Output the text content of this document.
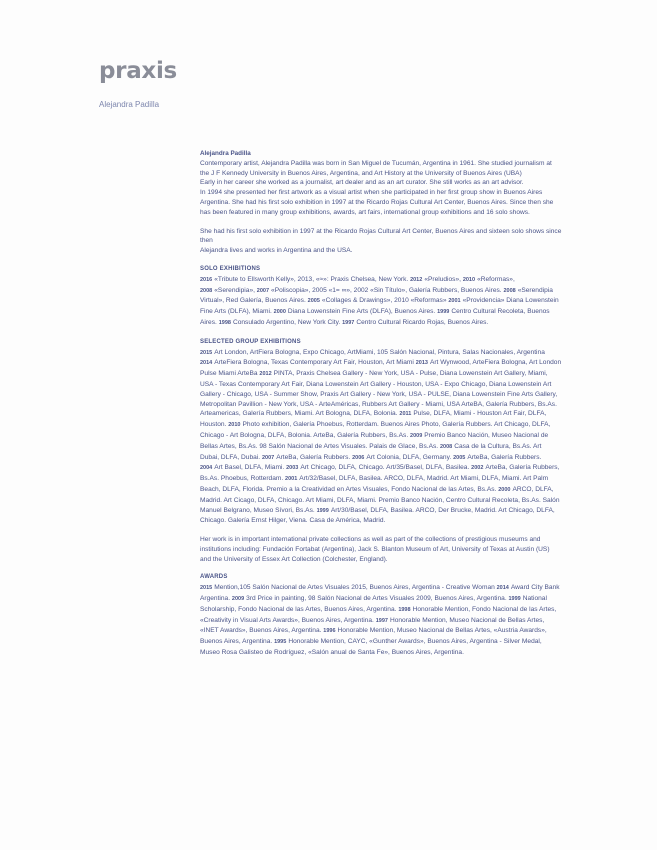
praxis
Alejandra Padilla

Alejandra Padilla

Contemporary artist, Alejandra Padilla was born in San Miguel de Tucumán, Argentina in 1961. She studied journalism at the J F Kennedy University in Buenos Aires, Argentina, and Art History at the University of Buenos Aires (UBA)

Early in her career she worked as a journalist, art dealer and as an art curator. She still works as an art advisor.

In 1994 she presented her first artwork as a visual artist when she participated in her first group show in Buenos Aires Argentina. She had his first solo exhibition in 1997 at the Ricardo Rojas Cultural Art Center, Buenos Aires. Since then she has been featured in many group exhibitions, awards, art fairs, international group exhibitions and 16 solo shows.

She had his first solo exhibition in 1997 at the Ricardo Rojas Cultural Art Center, Buenos Aires and sixteen solo shows since then

Alejandra lives and works in Argentina and the USA.

SOLO EXHIBITIONS

2016 «Tribute to Ellsworth Kelly», 2013, «≈»: Praxis Chelsea, New York. 2012 «Preludios», 2010 «Reformas», 2008 «Serendipia», 2007 «Poliscopia», 2005 «1= ∞», 2002 «Sin Título», Galería Rubbers, Buenos Aires. 2008 «Serendipia Virtual», Red Galería, Buenos Aires. 2005 «Collages & Drawings», 2010 «Reformas» 2001 «Providencia» Diana Lowenstein Fine Arts (DLFA), Miami. 2000 Diana Lowenstein Fine Arts (DLFA), Buenos Aires. 1999 Centro Cultural Recoleta, Buenos Aires. 1998 Consulado Argentino, New York City. 1997 Centro Cultural Ricardo Rojas, Buenos Aires.

SELECTED GROUP EXHIBITIONS

2015 Art London, ArtFiera Bologna, Expo Chicago, ArtMiami, 105 Salón Nacional, Pintura, Salas Nacionales, Argentina 2014 ArteFiera Bologna, Texas Contemporary Art Fair, Houston, Art Miami 2013 Art Wynwood, ArteFiera Bologna, Art London Pulse Miami ArteBa 2012 PINTA, Praxis Chelsea Gallery - New York, USA - Pulse, Diana Lowenstein Art Gallery, Miami, USA - Texas Contemporary Art Fair, Diana Lowenstein Art Gallery - Houston, USA - Expo Chicago, Diana Lowenstein Art Gallery - Chicago, USA - Summer Show, Praxis Art Gallery - New York, USA - PULSE, Diana Lowenstein Fine Arts Gallery, Metropolitan Pavillion - New York, USA - ArteAméricas, Rubbers Art Gallery - Miami, USA ArteBA, Galería Rubbers, Bs.As. Arteamericas, Galería Rubbers, Miami. Art Bologna, DLFA, Bolonia. 2011 Pulse, DLFA, Miami - Houston Art Fair, DLFA, Houston. 2010 Photo exhibition, Galería Phoebus, Rotterdam. Buenos Aires Photo, Galería Rubbers. Art Chicago, DLFA, Chicago - Art Bologna, DLFA, Bolonia. ArteBa, Galería Rubbers, Bs.As. 2009 Premio Banco Nación, Museo Nacional de Bellas Artes, Bs.As. 98 Salón Nacional de Artes Visuales. Palais de Glace, Bs.As. 2008 Casa de la Cultura, Bs.As. Art Dubai, DLFA, Dubai. 2007 ArteBa, Galería Rubbers. 2006 Art Colonia, DLFA, Germany. 2005 ArteBa, Galería Rubbers. 2004 Art Basel, DLFA, Miami. 2003 Art Chicago, DLFA, Chicago. Art/35/Basel, DLFA, Basilea. 2002 ArteBa, Galería Rubbers, Bs.As. Phoebus, Rotterdam. 2001 Art/32/Basel, DLFA, Basilea. ARCO, DLFA, Madrid. Art Miami, DLFA, Miami. Art Palm Beach, DLFA, Florida. Premio a la Creatividad en Artes Visuales, Fondo Nacional de las Artes, Bs.As. 2000 ARCO, DLFA, Madrid. Art Cicago, DLFA, Chicago. Art Miami, DLFA, Miami. Premio Banco Nación, Centro Cultural Recoleta, Bs.As. Salón Manuel Belgrano, Museo Sívori, Bs.As. 1999 Art/30/Basel, DLFA, Basilea. ARCO, Der Brucke, Madrid. Art Chicago, DLFA, Chicago. Galería Ernst Hilger, Viena. Casa de América, Madrid.

Her work is in important international private collections as well as part of the collections of prestigious museums and institutions including: Fundación Fortabat (Argentina), Jack S. Blanton Museum of Art, University of Texas at Austin (US) and the University of Essex Art Collection (Colchester, England).

AWARDS

2015 Mention,105 Salón Nacional de Artes Visuales 2015, Buenos Aires, Argentina - Creative Woman 2014 Award City Bank Argentina. 2009 3rd Price in painting, 98 Salón Nacional de Artes Visuales 2009, Buenos Aires, Argentina. 1999 National Scholarship, Fondo Nacional de las Artes, Buenos Aires, Argentina. 1998 Honorable Mention, Fondo Nacional de las Artes, «Creativity in Visual Arts Awards», Buenos Aires, Argentina. 1997 Honorable Mention, Museo Nacional de Bellas Artes, «INET Awards», Buenos Aires, Argentina. 1996 Honorable Mention, Museo Nacional de Bellas Artes, «Austria Awards», Buenos Aires, Argentina. 1995 Honorable Mention, CAYC, «Gunther Awards», Buenos Aires, Argentina - Silver Medal, Museo Rosa Galisteo de Rodríguez, «Salón anual de Santa Fe», Buenos Aires, Argentina.
